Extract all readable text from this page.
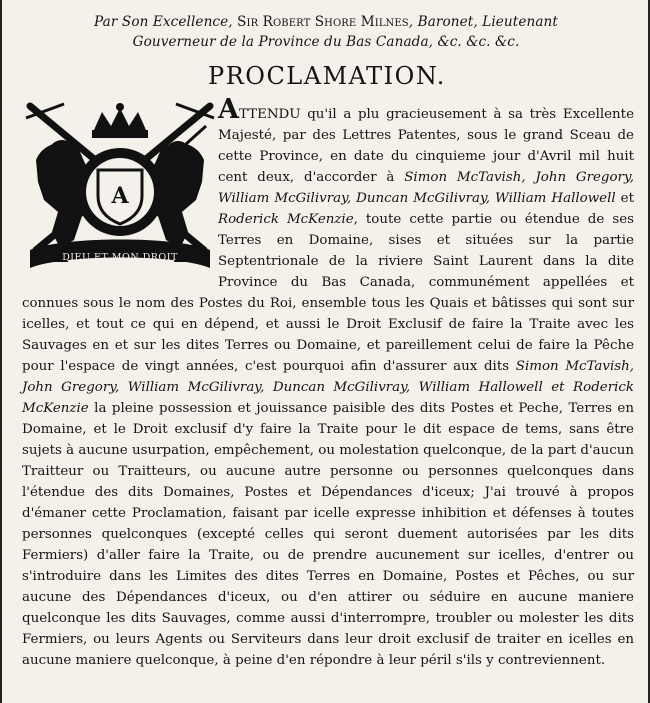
Par Son Excellence, Sir Robert Shore Milnes, Baronet, Lieutenant
Gouverneur de la Province du Bas Canada, &c. &c. &c.
PROCLAMATION.
A
DIEU ET MON DROIT

ATTENDU qu'il a plu gracieusement à sa très Excellente Majesté, par des Lettres Patentes, sous le grand Sceau de cette Province, en date du cinquieme jour d'Avril mil huit cent deux, d'accorder à Simon McTavish, John Gregory, William McGilivray, Duncan McGilivray, William Hallowell et Roderick McKenzie, toute cette partie ou étendue de ses Terres en Domaine, sises et situées sur la partie Septentrionale de la riviere Saint Laurent dans la dite Province du Bas Canada, communément appellées et connues sous le nom des Postes du Roi, ensemble tous les Quais et bâtisses qui sont sur icelles, et tout ce qui en dépend, et aussi le Droit Exclusif de faire la Traite avec les Sauvages en et sur les dites Terres ou Domaine, et pareillement celui de faire la Pêche pour l'espace de vingt années, c'est pourquoi afin d'assurer aux dits Simon McTavish, John Gregory, William McGilivray, Duncan McGilivray, William Hallowell et Roderick McKenzie la pleine possession et jouissance paisible des dits Postes et Peche, Terres en Domaine, et le Droit exclusif d'y faire la Traite pour le dit espace de tems, sans être sujets à aucune usurpation, empêchement, ou molestation quelconque, de la part d'aucun Traitteur ou Traitteurs, ou aucune autre personne ou personnes quelconques dans l'étendue des dits Domaines, Postes et Dépendances d'iceux; J'ai trouvé à propos d'émaner cette Proclamation, faisant par icelle expresse inhibition et défenses à toutes personnes quelconques (excepté celles qui seront duement autorisées par les dits Fermiers) d'aller faire la Traite, ou de prendre aucunement sur icelles, d'entrer ou s'introduire dans les Limites des dites Terres en Domaine, Postes et Pêches, ou sur aucune des Dépendances d'iceux, ou d'en attirer ou séduire en aucune maniere quelconque les dits Sauvages, comme aussi d'interrompre, troubler ou molester les dits Fermiers, ou leurs Agents ou Serviteurs dans leur droit exclusif de traiter en icelles en aucune maniere quelconque, à peine d'en répondre à leur péril s'ils y contreviennent.
